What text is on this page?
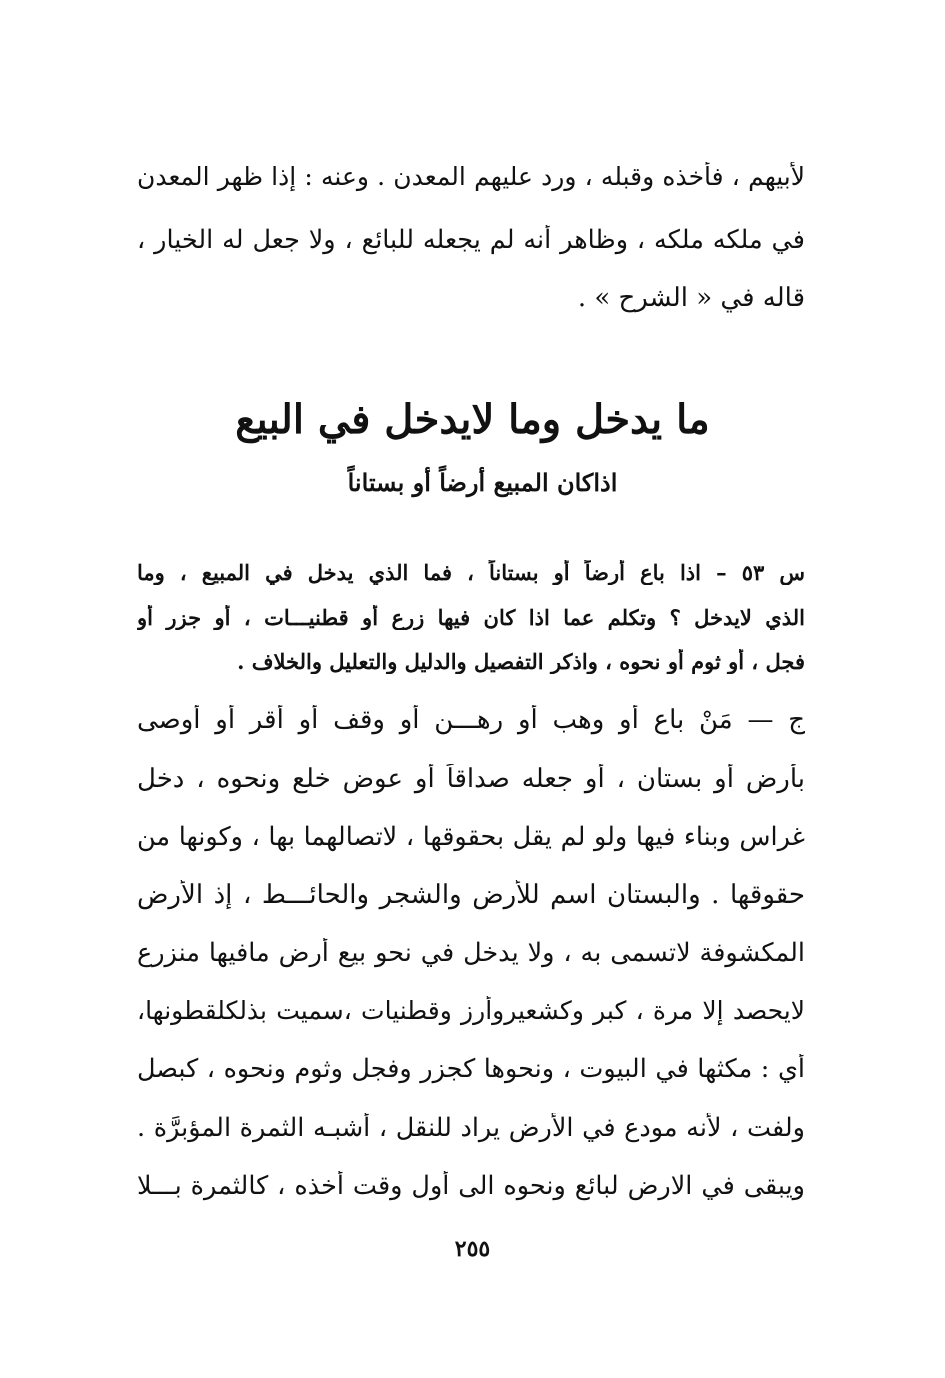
لأبيهم ، فأخذه وقبله ، ورد عليهم المعدن . وعنه : إذا ظهر المعدن
في ملكه ملكه ، وظاهر أنه لم يجعله للبائع ، ولا جعل له الخيار ،
قاله في « الشرح » .
ما يدخل وما لايدخل في البيع
اذاكان المبيع أرضاً أو بستاناً
س ٥٣ – اذا باع أرضاً أو بستاناً ، فما الذي يدخل في المبيع ، وما
الذي لايدخل ؟ وتكلم عما اذا كان فيها زرع أو قطنيـــات ، أو جزر أو
فجل ، أو ثوم أو نحوه ، واذكر التفصيل والدليل والتعليل والخلاف .
ج — مَنْ باع أو وهب أو رهـــن أو وقف أو أقر أو أوصى
بأرض أو بستان ، أو جعله صداقاً أو عوض خلع ونحوه ، دخل
غراس وبناء فيها ولو لم يقل بحقوقها ، لاتصالهما بها ، وكونها من
حقوقها . والبستان اسم للأرض والشجر والحائـــط ، إذ الأرض
المكشوفة لاتسمى به ، ولا يدخل في نحو بيع أرض مافيها منزرع
لايحصد إلا مرة ، كبر وكشعيروأرز وقطنيات ،سميت بذلكلقطونها،
أي : مكثها في البيوت ، ونحوها كجزر وفجل وثوم ونحوه ، كبصل
ولفت ، لأنه مودع في الأرض يراد للنقل ، أشبـه الثمرة المؤبرَّة .
ويبقى في الارض لبائع ونحوه الى أول وقت أخذه ، كالثمرة بـــلا
٢٥٥
